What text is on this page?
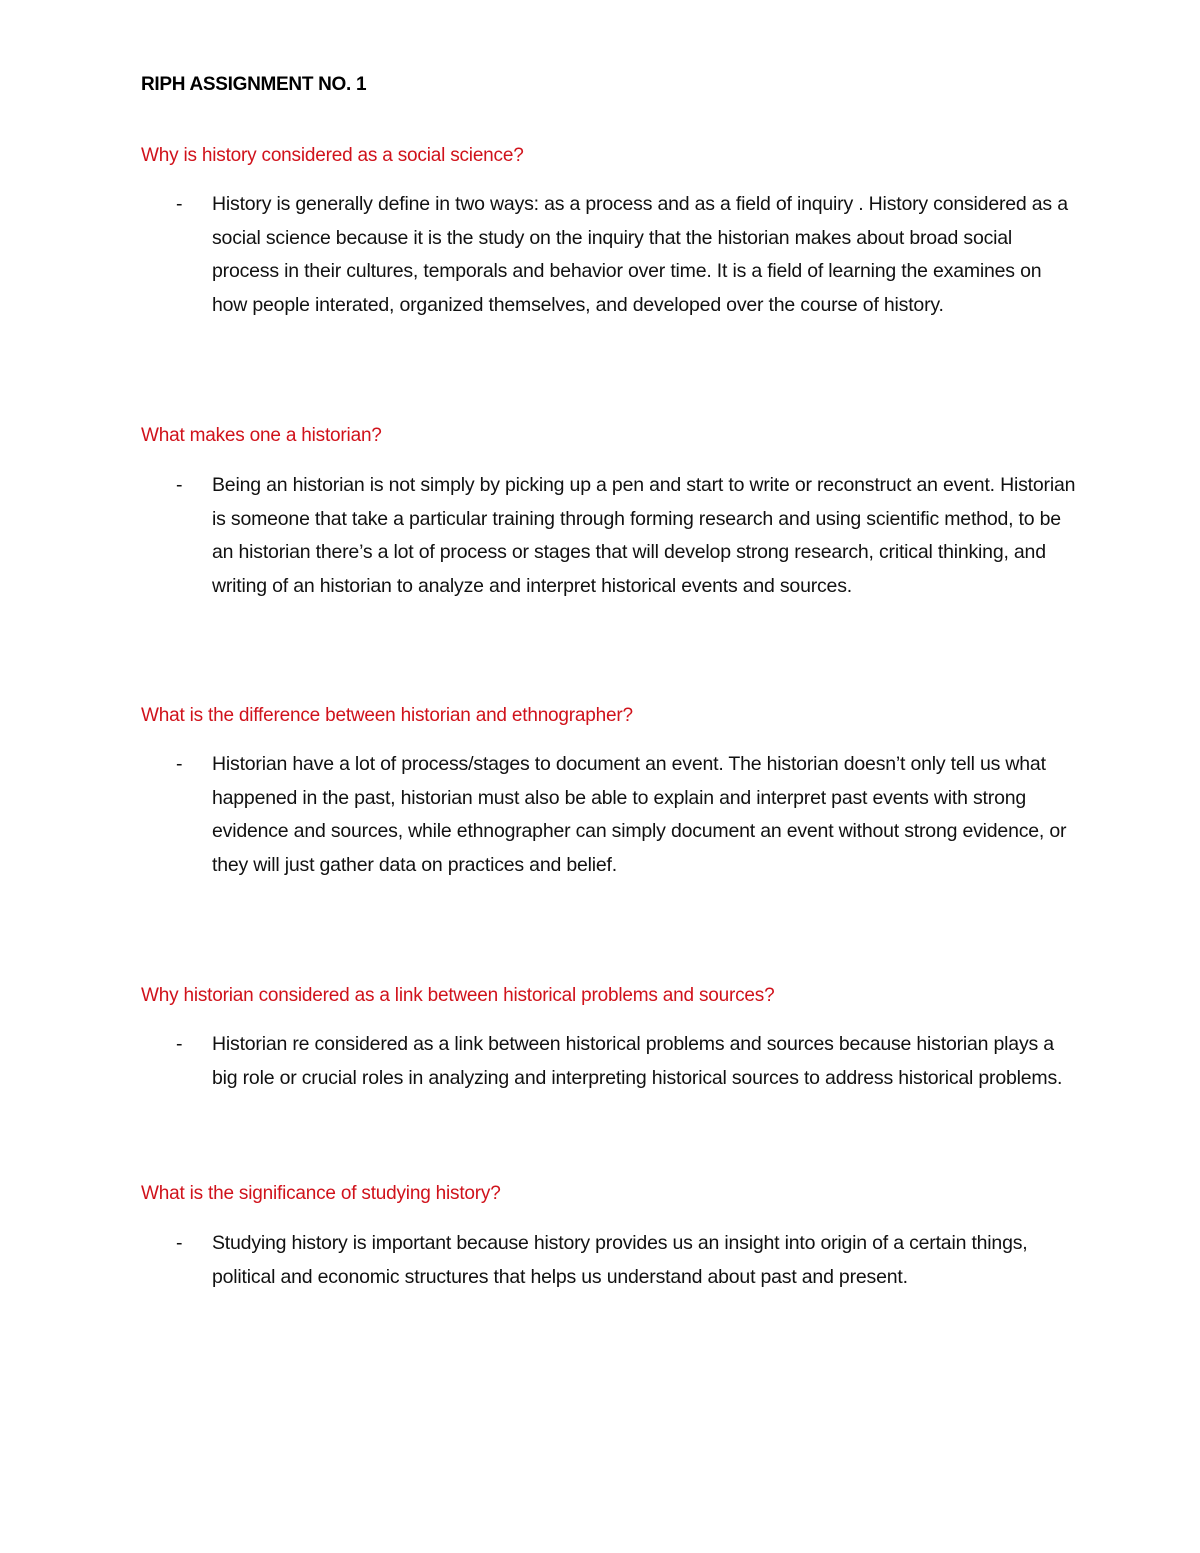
RIPH ASSIGNMENT NO. 1
Why is history considered as a social science?
-	History is generally define in two ways: as a process and as a field of inquiry . History considered as a social science because it is the study on the inquiry that the historian makes about broad social process in their cultures, temporals and behavior over time. It is a field of learning the examines on how people interated, organized themselves, and developed over the course of history.
What makes one a historian?
-	Being an historian is not simply by picking up a pen and start to write or reconstruct an event. Historian is someone that take a particular training through forming research and using scientific method, to be an historian there’s a lot of process or stages that will develop strong research, critical thinking, and writing of an historian to analyze and interpret historical events and sources.
What is the difference between historian and ethnographer?
-	Historian have a lot of process/stages to document an event. The historian doesn’t only tell us what happened in the past, historian must also be able to explain and interpret past events with strong evidence and sources, while ethnographer can simply document an event without strong evidence, or they will just gather data on practices and belief.
Why historian considered as a link between historical problems and sources?
-	Historian re considered as a link between historical problems and sources because historian plays a big role or crucial roles in analyzing and interpreting historical sources to address historical problems.
What is the significance of studying history?
-	Studying history is important because history provides us an insight into origin of a certain things, political and economic structures that helps us understand about past and present.
